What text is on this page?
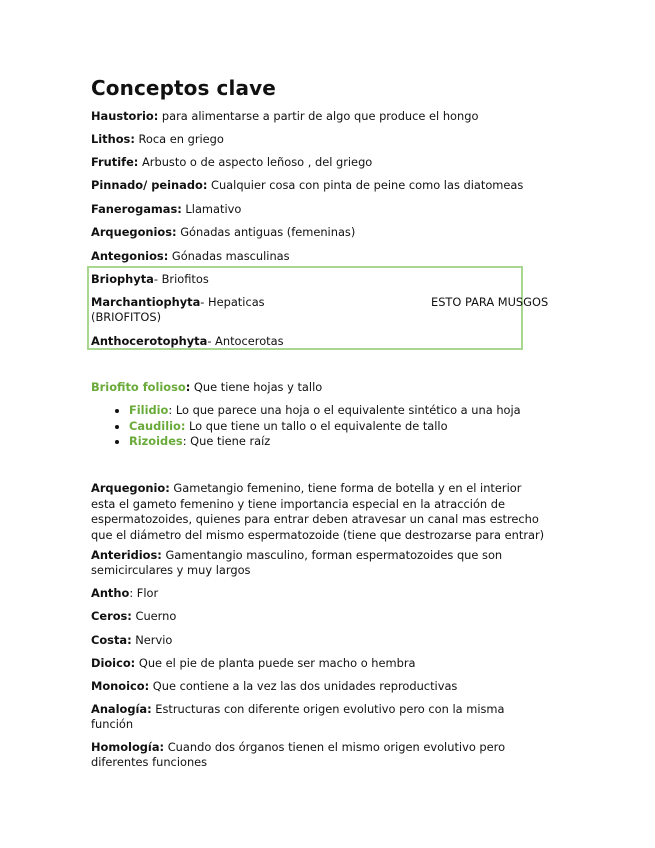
Conceptos clave

Haustorio: para alimentarse a partir de algo que produce el hongo

Lithos: Roca en griego

Frutife: Arbusto o de aspecto leñoso , del griego

Pinnado/ peinado: Cualquier cosa con pinta de peine como las diatomeas

Fanerogamas: Llamativo

Arquegonios: Gónadas antiguas (femeninas)

Antegonios: Gónadas masculinas

Briophyta- Briofitos

Marchantiophyta- Hepaticas	ESTO PARA MUSGOS

(BRIOFITOS)

Anthocerotophyta- Antocerotas

Briofito folioso: Que tiene hojas y tallo

• Filidio: Lo que parece una hoja o el equivalente sintético a una hoja
• Caudilio: Lo que tiene un tallo o el equivalente de tallo
• Rizoides: Que tiene raíz
Arquegonio: Gametangio femenino, tiene forma de botella y en el interior
esta el gameto femenino y tiene importancia especial en la atracción de
espermatozoides, quienes para entrar deben atravesar un canal mas estrecho
que el diámetro del mismo espermatozoide (tiene que destrozarse para entrar)
Anteridios: Gamentangio masculino, forman espermatozoides que son
semicirculares y muy largos

Antho: Flor

Ceros: Cuerno

Costa: Nervio

Dioico: Que el pie de planta puede ser macho o hembra

Monoico: Que contiene a la vez las dos unidades reproductivas

Analogía: Estructuras con diferente origen evolutivo pero con la misma
función
Homología: Cuando dos órganos tienen el mismo origen evolutivo pero
diferentes funciones
